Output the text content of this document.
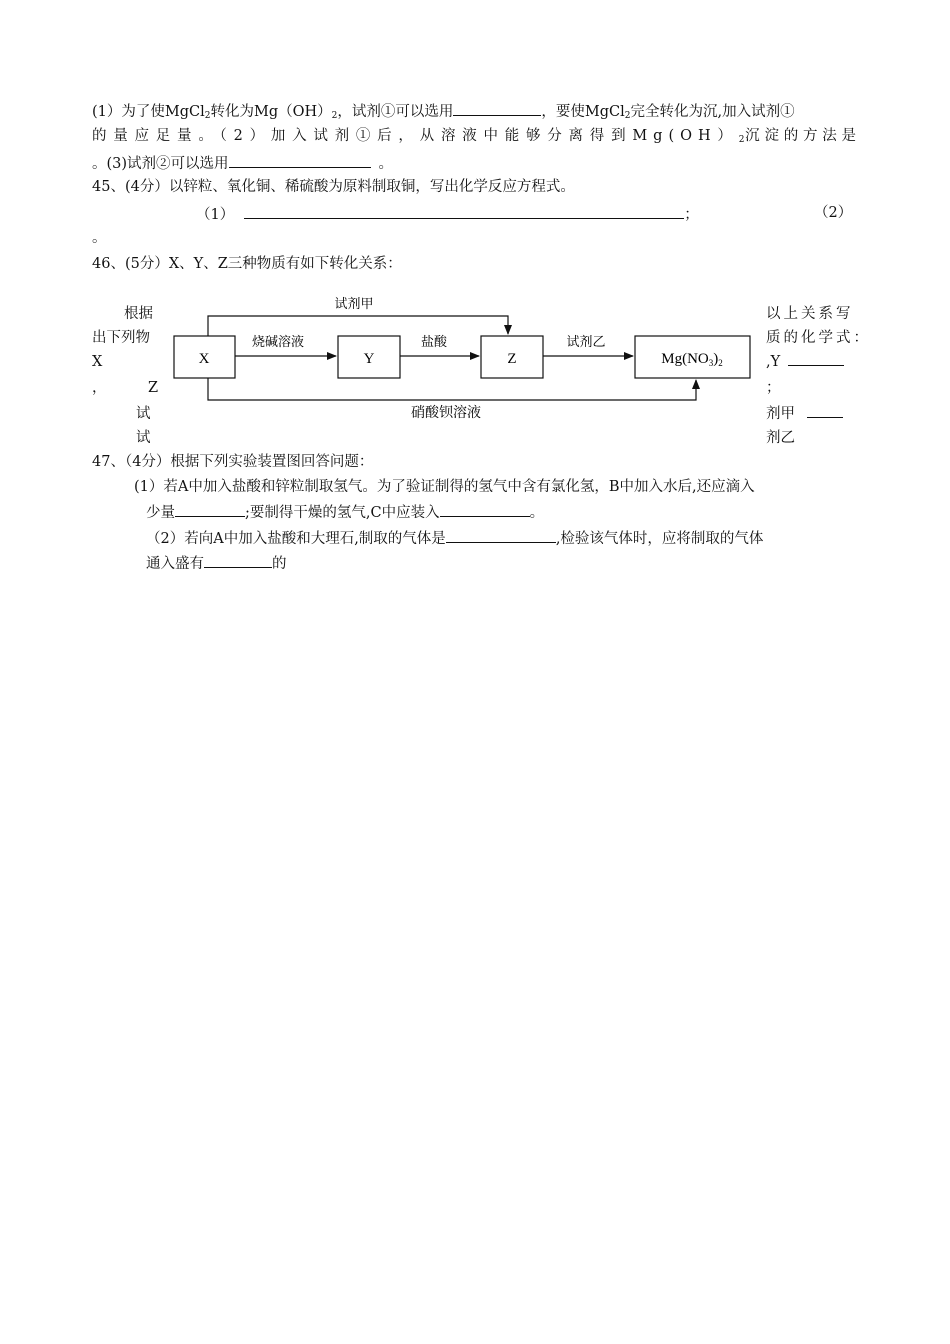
(1）为了使MgCl$_2$转化为$Mg(OH)_2$，试剂①可以选用	，要使MgCl$_2$完全转化为沉,加入试剂①
的量应足量。（2）加入试剂①后，从溶液中能够分离得到$Mg(OH)_2$沉淀的方法是
。(3)试剂②可以选用	。
45、(4分）以锌粒、氧化铜、稀硫酸为原料制取铜，写出化学反应方程式。
（1）	；	（2）
。
46、(5分）X、Y、Z三种物质有如下转化关系：
根据
出下列物
X
，	Z
试
试
以上关系写
质的化学式：
,Y
；
剂甲
剂乙
X	Y	Z	$Mg(NO_3)_2$
烧碱溶液	盐酸	试剂乙
试剂甲
硝酸钡溶液
47、（4分）根据下列实验装置图回答问题：
(1）若A中加入盐酸和锌粒制取氢气。为了验证制得的氢气中含有氯化氢，B中加入水后,还应滴入
少量	;要制得干燥的氢气,C中应装入	。
（2）若向A中加入盐酸和大理石,制取的气体是	,检验该气体时，应将制取的气体
通入盛有	的
